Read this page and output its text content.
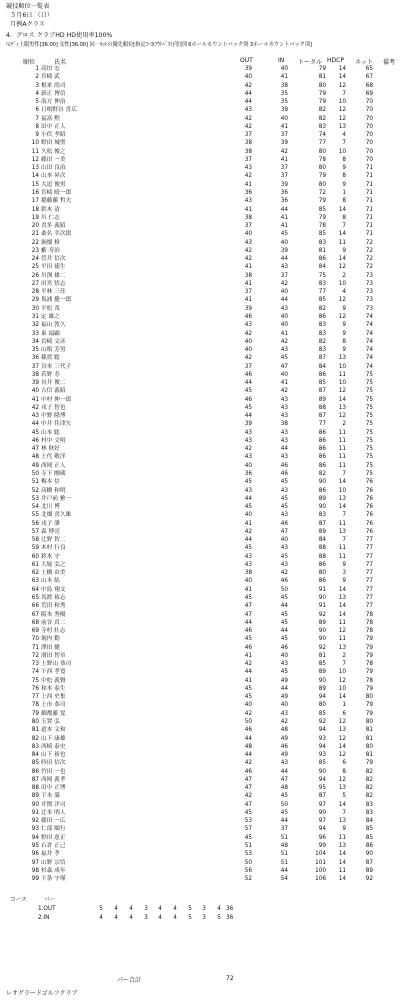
競技順位一覧表
５月6日 （日）
月例Aクラス
4．グロス クラブHD HD使用率100%
ﾊﾝﾃﾞｨ上限男性[36.00] 女性[36.00] 同一ﾈｯﾄの優先順位[指定ｺｰｽ(ｱｳﾄﾍﾞｽﾄ)等]別 6ホールカウントバック別 3ホールカウントバック別]
順位	氏名	OUT	IN トータル HDCP ネット 備考
1 高垣 宏	39	40	79	14	65
2 宮崎 武	40	41	81	14	67
3 根来 尚司	42	38	80	12	68
4 新正 博信	44	35	79	7	69
5 南方 伸治	44	35	79	10	70
6 日根野谷 喜広	43	39	82	12	70
7 福富 勲	42	40	82	12	70
8 田中 正人	42	41	83	13	70
9 小伏 孝昭	37	37	74	4	70
10 野田 城聖	38	39	77	7	70
11 久松 俊之	38	42	80	10	70
12 藤田 一美	37	41	78	8	70
13 山田 良治	43	37	80	9	71
14 山本 昇次	42	37	79	8	71
15 大追 俊男	41	39	80	9	71
16 宮崎 晴一郎	36	36	72	1	71
17 稲藤藤 哲夫	43	36	79	8	71
18 鈴木 清	41	44	85	14	71
19 川 仁志	38	41	79	8	71
20 喜多 義昭	37	41	78	7	71
21 桑名 幸次郎	40	45	85	14	71
22 堀畑 修	43	40	83	11	72
23 藪 寿治	42	39	81	9	72
24 菅井 信次	42	44	86	14	72
25 平田 徳生	41	43	84	12	72
26 川渕 雄二	38	37	75	2	73
27 田宮 悟志	41	42	83	10	73
28 平林 三佳	37	40	77	4	73
29 坂浦 健一郎	41	44	85	12	73
30 平松 茂	39	43	82	9	73
31 定 雄之	46	40	86	12	74
32 福山 敦久	43	40	83	9	74
33 東 福顕	42	41	83	9	74
34 岩崎 文彦	40	42	82	8	74
35 山根 芳男	40	43	83	9	74
36 篠貫 聡	42	45	87	13	74
37 谷本 三代子	37	47	84	10	74
38 若野 寿	46	40	86	11	75
39 長井 俊二	44	41	85	10	75
40 吉信 義昭	45	42	87	12	75
41 中村 伸一郎	46	43	89	14	75
42 戎子 智也	45	43	88	13	75
43 中野 隆博	44	43	87	12	75
44 中井 佳津矢	39	38	77	2	75
45 山本 聡	43	43	86	11	75
46 村中 文明	43	43	86	11	75
47 林 秋好	42	44	86	11	75
48 土代 敬洋	43	43	86	11	75
49 西岡 正人	40	46	86	11	75
50 寺下 剛蔵	36	46	82	7	75
51 梅本 信	45	45	90	14	76
52 高橋 和明	43	43	86	10	76
53 井戸前 雅一	44	45	89	13	76
54 北川 博	45	45	90	14	76
55 北畑 喜久雄	40	43	83	7	76
56 戎子 肇	41	46	87	11	76
57 森 博亮	42	47	89	13	76
58 辻野 智二	44	40	84	7	77
59 木村 行良	45	43	88	11	77
60 鈴木 守	43	45	88	11	77
61 大堀 弘之	43	43	86	9	77
62 土橋 由美	38	42	80	3	77
63 山本 紘	40	46	86	9	77
64 中島 翔文	41	50	91	14	77
65 馬渡 裕志	45	45	90	13	77
66 荒田 和秀	47	44	91	14	77
67 阪本 秀樹	47	45	92	14	78
68 前谷 真二	44	45	89	11	78
69 寺村 壮志	46	44	90	12	78
70 堀内 勤	45	45	90	11	79
71 澤田 健	46	46	92	13	79
72 濱田 智章	41	40	81	2	79
73 上野山 恭司	42	43	85	7	78
74 下西 孝寛	44	45	89	10	79
75 中松 義賢	41	49	90	12	78
76 和本 泰生	45	44	89	10	79
77 上西 史集	45	49	94	14	80
78 上市 恭司	40	40	80	1	79
79 御都藤 覚	42	43	85	6	79
80 玉置 弘	50	42	92	12	80
81 道本 文和	46	48	94	13	81
82 山下 康雄	44	49	93	12	81
83 西崎 泰史	48	46	94	14	80
84 山下 裕也	44	49	93	12	81
85 時田 信次	42	43	85	6	79
86 竹田 一也	46	44	90	8	82
87 西岡 義孝	47	47	94	12	82
88 田中 正博	47	48	95	13	82
89 下本 満	42	45	87	5	82
90 井関 洋司	47	50	97	14	83
91 辻本 明人	45	45	90	7	83
92 藤田 一広	53	44	97	13	84
93 仁部 順行	57	37	94	9	85
94 野田 恵正	45	51	96	11	85
95 石倉 正己	51	48	99	13	86
96 福井 孝	53	51	104	14	90
97 山野 宗信	50	51	101	14	87
98 杉森 成年	56	44	100	11	89
99 下条 守瑾	52	54	106	14	92
コース	パー
1.OUT	5	4	4	3	4	4	5	3	4 36
2.IN	4	4	4	3	4	4	5	3	5 36
パー合計	72
レオグラードゴルフクラブ
